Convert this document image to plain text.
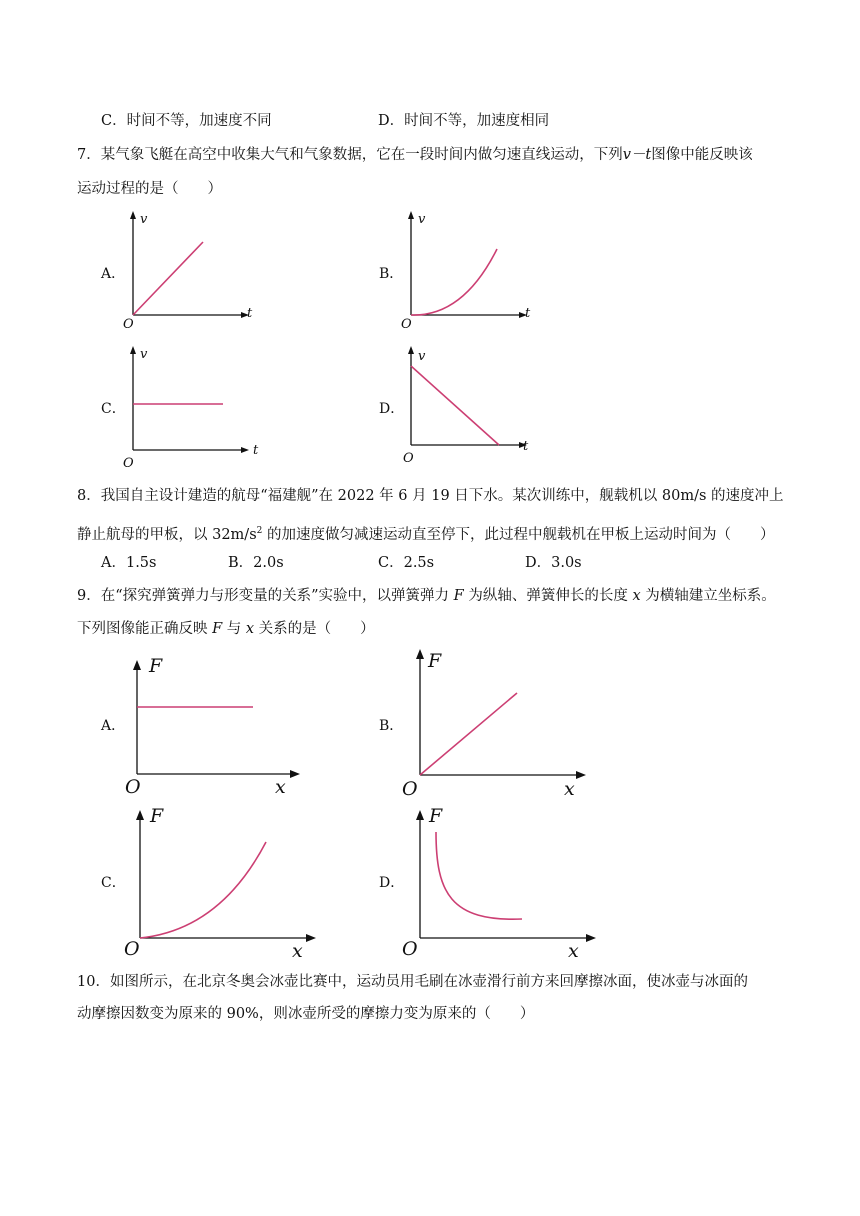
C．时间不等，加速度不同	D．时间不等，加速度相同
7．某气象飞艇在高空中收集大气和气象数据，它在一段时间内做匀速直线运动，下列v－t图像中能反映该
运动过程的是（　　）
A．	B．
C．	D．
v
t
O
v
t
O
v
t
O
v
t
O
8．我国自主设计建造的航母“福建舰”在 2022 年 6 月 19 日下水。某次训练中，舰载机以 80m/s 的速度冲上
静止航母的甲板，以 $32m/s^2$ 的加速度做匀减速运动直至停下，此过程中舰载机在甲板上运动时间为（　　）
A．1.5s	B．2.0s	C．2.5s	D．3.0s
9．在“探究弹簧弹力与形变量的关系”实验中，以弹簧弹力 F 为纵轴、弹簧伸长的长度 x 为横轴建立坐标系。
下列图像能正确反映 F 与 x 关系的是（　　）
A．	B．
C．	D．
F
x
O
F
x
O
F
x
O
F
x
O
10．如图所示，在北京冬奥会冰壶比赛中，运动员用毛刷在冰壶滑行前方来回摩擦冰面，使冰壶与冰面的
动摩擦因数变为原来的 90%，则冰壶所受的摩擦力变为原来的（　　）
